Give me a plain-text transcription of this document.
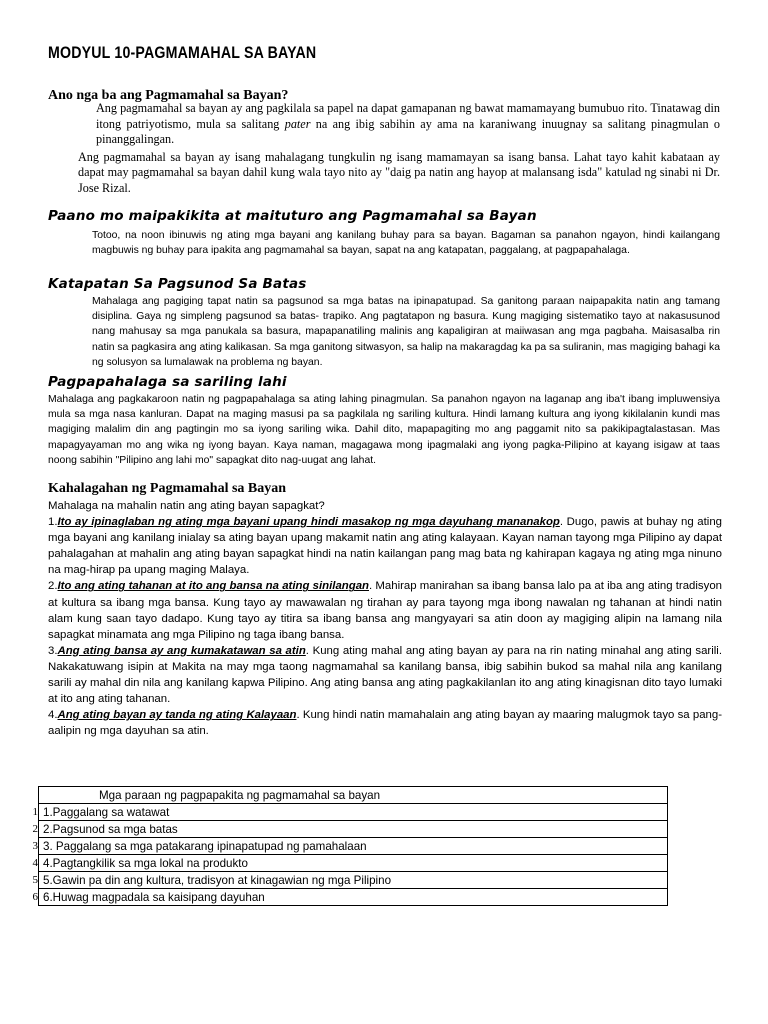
MODYUL 10-PAGMAMAHAL SA BAYAN
Ano nga ba ang Pagmamahal sa Bayan?

Ang pagmamahal sa bayan ay ang pagkilala sa papel na dapat gamapanan ng bawat mamamayang bumubuo rito. Tinatawag din itong patriyotismo, mula sa salitang pater na ang ibig sabihin ay ama na karaniwang inuugnay sa salitang pinagmulan o pinanggalingan.

Ang pagmamahal sa bayan ay isang mahalagang tungkulin ng isang mamamayan sa isang bansa. Lahat tayo kahit kabataan ay dapat may pagmamahal sa bayan dahil kung wala tayo nito ay "daig pa natin ang hayop at malansang isda" katulad ng sinabi ni Dr. Jose Rizal.

Paano mo maipakikita at maituturo ang Pagmamahal sa Bayan

Totoo, na noon ibinuwis ng ating mga bayani ang kanilang buhay para sa bayan. Bagaman sa panahon ngayon, hindi kailangang magbuwis ng buhay para ipakita ang pagmamahal sa bayan, sapat na ang katapatan, paggalang, at pagpapahalaga.

Katapatan Sa Pagsunod Sa Batas

Mahalaga ang pagiging tapat natin sa pagsunod sa mga batas na ipinapatupad. Sa ganitong paraan naipapakita natin ang tamang disiplina. Gaya ng simpleng pagsunod sa batas- trapiko. Ang pagtatapon ng basura. Kung magiging sistematiko tayo at nakasusunod nang mahusay sa mga panukala sa basura, mapapanatiling malinis ang kapaligiran at maiiwasan ang mga pagbaha. Maisasalba rin natin sa pagkasira ang ating kalikasan. Sa mga ganitong sitwasyon, sa halip na makaragdag ka pa sa suliranin, mas magiging bahagi ka ng solusyon sa lumalawak na problema ng bayan.

Pagpapahalaga sa sariling lahi

Mahalaga ang pagkakaroon natin ng pagpapahalaga sa ating lahing pinagmulan. Sa panahon ngayon na laganap ang iba't ibang impluwensiya mula sa mga nasa kanluran. Dapat na maging masusi pa sa pagkilala ng sariling kultura. Hindi lamang kultura ang iyong kikilalanin kundi mas magiging malalim din ang pagtingin mo sa iyong sariling wika. Dahil dito, mapapagiting mo ang paggamit nito sa pakikipagtalastasan. Mas mapagyayaman mo ang wika ng iyong bayan. Kaya naman, magagawa mong ipagmalaki ang iyong pagka-Pilipino at kayang isigaw at taas noong sabihin "Pilipino ang lahi mo" sapagkat dito nag-uugat ang lahat.

Kahalagahan ng Pagmamahal sa Bayan

Mahalaga na mahalin natin ang ating bayan sapagkat?

1.Ito ay ipinaglaban ng ating mga bayani upang hindi masakop ng mga dayuhang mananakop. Dugo, pawis at buhay ng ating mga bayani ang kanilang inialay sa ating bayan upang makamit natin ang ating kalayaan. Kayan naman tayong mga Pilipino ay dapat pahalagahan at mahalin ang ating bayan sapagkat hindi na natin kailangan pang mag bata ng kahirapan kagaya ng ating mga ninuno na mag-hirap pa upang maging Malaya.

2.Ito ang ating tahanan at ito ang bansa na ating sinilangan. Mahirap manirahan sa ibang bansa lalo pa at iba ang ating tradisyon at kultura sa ibang mga bansa. Kung tayo ay mawawalan ng tirahan ay para tayong mga ibong nawalan ng tahanan at hindi natin alam kung saan tayo dadapo. Kung tayo ay titira sa ibang bansa ang mangyayari sa atin doon ay magiging alipin na lamang nila sapagkat minamata ang mga Pilipino ng taga ibang bansa.

3.Ang ating bansa ay ang kumakatawan sa atin. Kung ating mahal ang ating bayan ay para na rin nating minahal ang ating sarili. Nakakatuwang isipin at Makita na may mga taong nagmamahal sa kanilang bansa, ibig sabihin bukod sa mahal nila ang kanilang sarili ay mahal din nila ang kanilang kapwa Pilipino. Ang ating bansa ang ating pagkakilanlan ito ang ating kinagisnan dito tayo lumaki at ito ang ating tahanan.

4.Ang ating bayan ay tanda ng ating Kalayaan. Kung hindi natin mamahalain ang ating bayan ay maaring malugmok tayo sa pang-aalipin ng mga dayuhan sa atin.

	Mga paraan ng pagpapakita ng pagmamahal sa bayan
1	1.Paggalang sa watawat
2	2.Pagsunod sa mga batas
3	3. Paggalang sa mga patakarang ipinapatupad ng pamahalaan
4	4.Pagtangkilik sa mga lokal na produkto
5	5.Gawin pa din ang kultura, tradisyon at kinagawian ng mga Pilipino
6	6.Huwag magpadala sa kaisipang dayuhan
